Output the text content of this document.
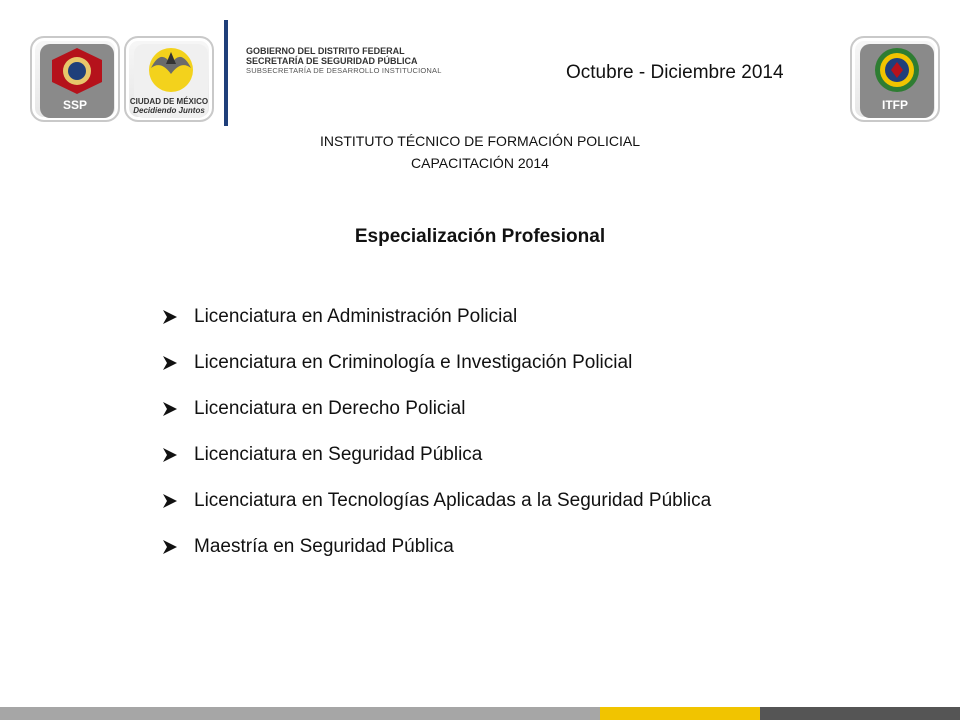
SSP	CIUDAD DE MÉXICO
Decidiendo Juntos
GOBIERNO DEL DISTRITO FEDERAL
SECRETARÍA DE SEGURIDAD PÚBLICA
SUBSECRETARÍA DE DESARROLLO INSTITUCIONAL	Octubre - Diciembre 2014
ITFP
INSTITUTO TÉCNICO DE FORMACIÓN POLICIAL
CAPACITACIÓN 2014
Especialización Profesional
Licenciatura en Administración Policial
Licenciatura en Criminología e Investigación Policial
Licenciatura en Derecho Policial
Licenciatura en Seguridad Pública
Licenciatura en Tecnologías Aplicadas a la Seguridad Pública
Maestría en Seguridad Pública
